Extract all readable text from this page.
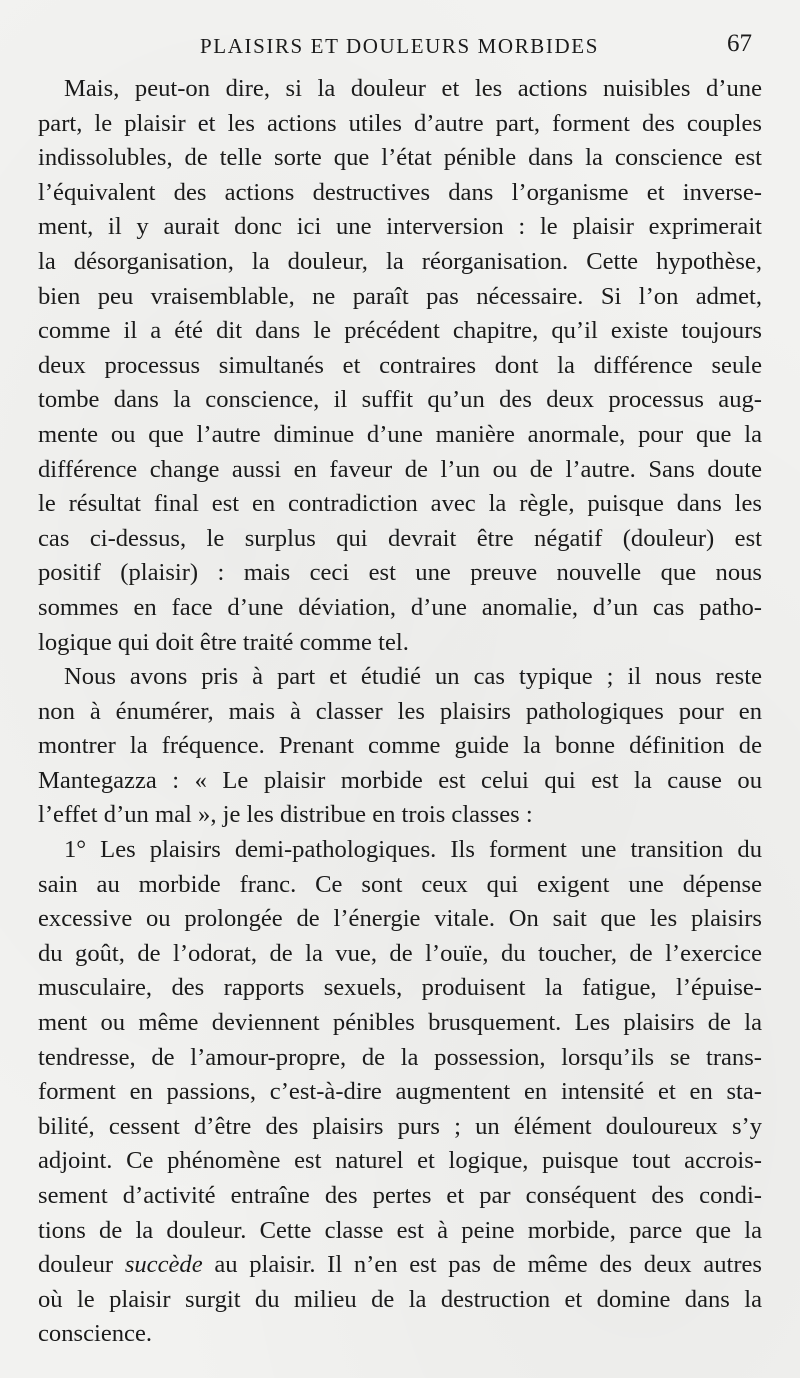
PLAISIRS ET DOULEURS MORBIDES	67
Mais, peut-on dire, si la douleur et les actions nuisibles d’une
part, le plaisir et les actions utiles d’autre part, forment des couples
indissolubles, de telle sorte que l’état pénible dans la conscience est
l’équivalent des actions destructives dans l’organisme et inverse-
ment, il y aurait donc ici une interversion : le plaisir exprimerait
la désorganisation, la douleur, la réorganisation. Cette hypothèse,
bien peu vraisemblable, ne paraît pas nécessaire. Si l’on admet,
comme il a été dit dans le précédent chapitre, qu’il existe toujours
deux processus simultanés et contraires dont la différence seule
tombe dans la conscience, il suffit qu’un des deux processus aug-
mente ou que l’autre diminue d’une manière anormale, pour que la
différence change aussi en faveur de l’un ou de l’autre. Sans doute
le résultat final est en contradiction avec la règle, puisque dans les
cas ci-dessus, le surplus qui devrait être négatif (douleur) est
positif (plaisir) : mais ceci est une preuve nouvelle que nous
sommes en face d’une déviation, d’une anomalie, d’un cas patho-
logique qui doit être traité comme tel.
Nous avons pris à part et étudié un cas typique ; il nous reste
non à énumérer, mais à classer les plaisirs pathologiques pour en
montrer la fréquence. Prenant comme guide la bonne définition de
Mantegazza : « Le plaisir morbide est celui qui est la cause ou
l’effet d’un mal », je les distribue en trois classes :
1° Les plaisirs demi-pathologiques. Ils forment une transition du
sain au morbide franc. Ce sont ceux qui exigent une dépense
excessive ou prolongée de l’énergie vitale. On sait que les plaisirs
du goût, de l’odorat, de la vue, de l’ouïe, du toucher, de l’exercice
musculaire, des rapports sexuels, produisent la fatigue, l’épuise-
ment ou même deviennent pénibles brusquement. Les plaisirs de la
tendresse, de l’amour-propre, de la possession, lorsqu’ils se trans-
forment en passions, c’est-à-dire augmentent en intensité et en sta-
bilité, cessent d’être des plaisirs purs ; un élément douloureux s’y
adjoint. Ce phénomène est naturel et logique, puisque tout accrois-
sement d’activité entraîne des pertes et par conséquent des condi-
tions de la douleur. Cette classe est à peine morbide, parce que la
douleur succède au plaisir. Il n’en est pas de même des deux autres
où le plaisir surgit du milieu de la destruction et domine dans la
conscience.
